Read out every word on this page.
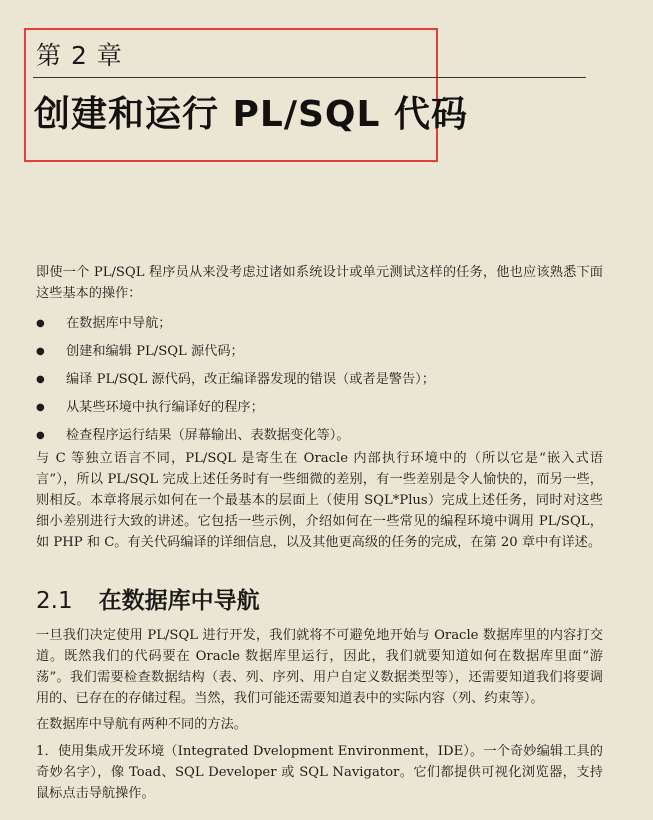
第 2 章
创建和运行 PL/SQL 代码
即使一个 PL/SQL 程序员从来没考虑过诸如系统设计或单元测试这样的任务，他也应该熟悉下面这些基本的操作：
● 在数据库中导航；
● 创建和编辑 PL/SQL 源代码；
● 编译 PL/SQL 源代码，改正编译器发现的错误（或者是警告）；
● 从某些环境中执行编译好的程序；
● 检查程序运行结果（屏幕输出、表数据变化等）。
与 C 等独立语言不同，PL/SQL 是寄生在 Oracle 内部执行环境中的（所以它是“嵌入式语言”），所以 PL/SQL 完成上述任务时有一些细微的差别，有一些差别是令人愉快的，而另一些，则相反。本章将展示如何在一个最基本的层面上（使用 SQL*Plus）完成上述任务，同时对这些细小差别进行大致的讲述。它包括一些示例，介绍如何在一些常见的编程环境中调用 PL/SQL，如 PHP 和 C。有关代码编译的详细信息，以及其他更高级的任务的完成，在第 20 章中有详述。
2.1 在数据库中导航
一旦我们决定使用 PL/SQL 进行开发，我们就将不可避免地开始与 Oracle 数据库里的内容打交道。既然我们的代码要在 Oracle 数据库里运行，因此，我们就要知道如何在数据库里面“游荡”。我们需要检查数据结构（表、列、序列、用户自定义数据类型等），还需要知道我们将要调用的、已存在的存储过程。当然，我们可能还需要知道表中的实际内容（列、约束等）。
在数据库中导航有两种不同的方法。
1．使用集成开发环境（Integrated Dvelopment Environment，IDE）。一个奇妙编辑工具的奇妙名字），像 Toad、SQL Developer 或 SQL Navigator。它们都提供可视化浏览器，支持鼠标点击导航操作。
